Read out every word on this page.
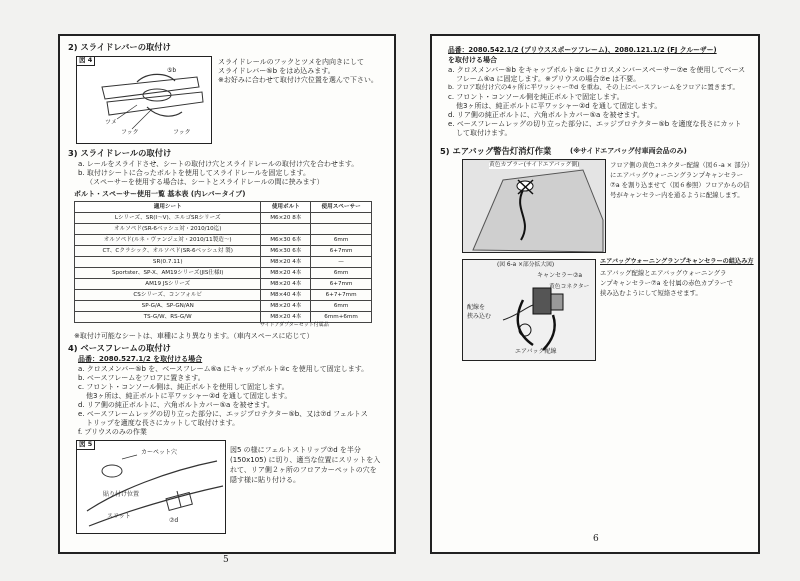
2) スライドレバーの取付け
図 4
⑤b
ツメ
フック	フック
スライドレールのフックとツメを内向きにして
スライドレバー⑤b をはめ込みます。
※お好みに合わせて取付け穴位置を選んで下さい。
3) スライドレールの取付け
a. レールをスライドさせ、シートの取付け穴とスライドレールの取付け穴を合わせます。
b. 取付けシートに合ったボルトを使用してスライドレールを固定します。
（スペーサーを使用する場合は、シートとスライドレールの間に挟みます）
ボルト・スペーサー使用一覧 基本表 (内レバータイプ)
適用シート	使用ボルト	使用スペーサー
Lシリーズ、SR(Ⅰ～Ⅴ)、エルゴSRシリーズ	M6×20 8本	
オルソペド(SR-6ベッシュ対・2010/10迄)		
オルソペド(ルネ・ヴァンジェ対・2010/11製造〜)	M6×30 6本	6mm
CT、Cクラシック、オルソペド(SR-6ベッシュ対 製)	M6×30 6本	6+7mm
SR(0.7.11)	M8×20 4本	—
Sportster、SP-X、AM19シリーズ(JIS仕様Ⅰ)	M8×20 4本	6mm
AM19 JSシリーズ	M8×20 4本	6+7mm
CSシリーズ、コンフォルビ	M8×40 4本	6+7+7mm
SP-G/A、SP-GN/AN	M8×20 4本	6mm
TS-G/W、RS-G/W	M8×20 4本	6mm+6mm
サイドアダプターセット付属品
※取付け可能なシートは、車種により異なります。（車内スペースに応じて）
4) ベースフレームの取付け
品番：2080.527.1/2 を取付ける場合
a. クロスメンバー⑤b を、ベースフレーム⑥a にキャップボルト②c を使用して固定します。
b. ベースフレームをフロアに置きます。
c. フロント・コンソール側は、純正ボルトを使用して固定します。
他3ヶ所は、純正ボルトに平ワッシャー②d を通して固定します。
d. リア側の純正ボルトに、六角ボルトカバー⑤a を被せます。
e. ベースフレームレッグの切り立った部分に、エッジプロテクター⑤b、又は⑦d フェルトス
トリップを適度な長さにカットして取付けます。
f. プリウスのみの作業
図 5
カーペット穴
貼り付け位置
スリット
⑦d
図5 の様にフェルトストリップ⑦d を半分
(150x105) に切り、適当な位置にスリットを入
れて、リア側２ヶ所のフロアカーペットの穴を
隠す様に貼り付ける。
5
品番：2080.542.1/2 (プリウススポーツフレーム)、2080.121.1/2 (FJ クルーザー)
を取付ける場合
a. クロスメンバー⑤b をキャップボルト②c にクロスメンバースペーサー⑦e を使用してベース
フレーム⑥a に固定します。※プリウスの場合⑦e は不要。
b. フロア取付け穴の4ヶ所に平ワッシャー⑦d を重ね、その上にベースフレームをフロアに置きます。
c. フロント・コンソール側を純正ボルトで固定します。
他3ヶ所は、純正ボルトに平ワッシャー②d を通して固定します。
d. リア側の純正ボルトに、六角ボルトカバー⑤a を被せます。
e. ベースフレームレッグの切り立った部分に、エッジプロテクター⑤b を適度な長さにカット
して取付けます。
5) エアバッグ警告灯消灯作業	(※サイドエアバッグ付車両会品のみ)
黄色カプラー(サイドエアバッグ側)	フロア側の黄色コネクター配線（図６-a × 部分）
にエアバッグウォーニングランプキャンセラー
⑦a を割り込ませて（図６参照）フロアからの信
号がキャンセラー内を通るように配線します。
エアバッグウォーニングランプキャンセラーの組込み方
エアバッグ配線とエアバッグウォーニングラ
ンプキャンセラー⑦a を付属の赤色カプラーで
挟み込むようにして短絡させます。
(図 6-a ×部分拡大図)
キャンセラー⑦a
黄色コネクター
配線を
挟み込む
エアバッグ配線
6
